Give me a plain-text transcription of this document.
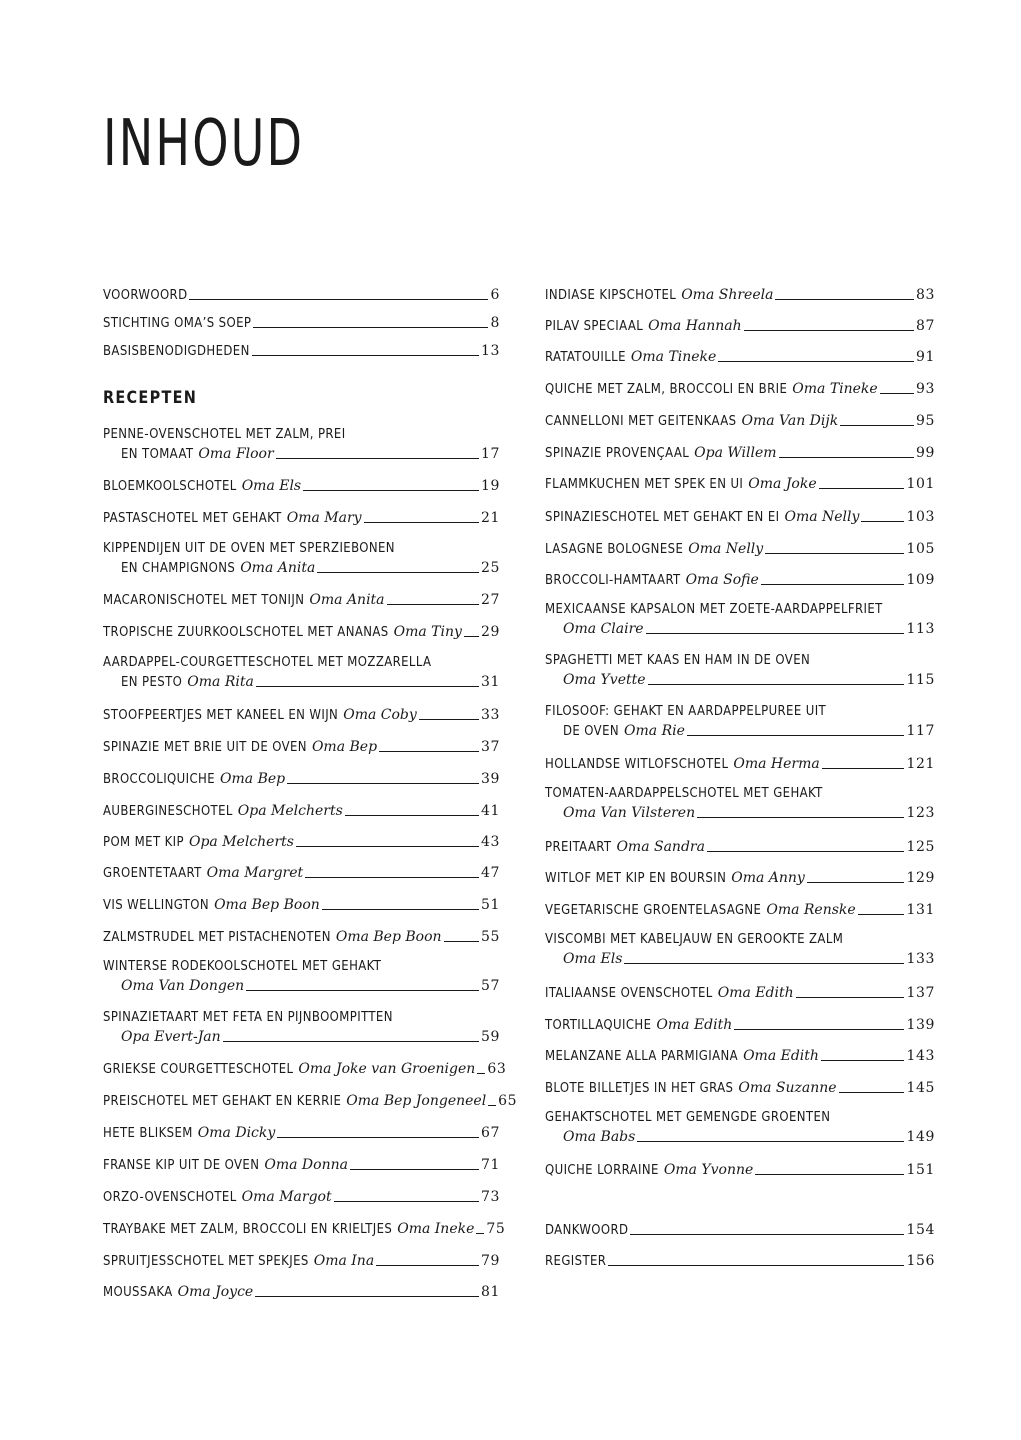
INHOUD
VOORWOORD	6
STICHTING OMA’S SOEP	8
BASISBENODIGDHEDEN	13
RECEPTEN
PENNE-OVENSCHOTEL MET ZALM, PREI
EN TOMAAT Oma Floor	17
BLOEMKOOLSCHOTEL Oma Els	19
PASTASCHOTEL MET GEHAKT Oma Mary	21
KIPPENDIJEN UIT DE OVEN MET SPERZIEBONEN
EN CHAMPIGNONS Oma Anita	25
MACARONISCHOTEL MET TONIJN Oma Anita	27
TROPISCHE ZUURKOOLSCHOTEL MET ANANAS Oma Tiny 29
AARDAPPEL-COURGETTESCHOTEL MET MOZZARELLA
EN PESTO Oma Rita	31
STOOFPEERTJES MET KANEEL EN WIJN Oma Coby	33
SPINAZIE MET BRIE UIT DE OVEN Oma Bep	37
BROCCOLIQUICHE Oma Bep	39
AUBERGINESCHOTEL Opa Melcherts	41
POM MET KIP Opa Melcherts	43
GROENTETAART Oma Margret	47
VIS WELLINGTON Oma Bep Boon	51
ZALMSTRUDEL MET PISTACHENOTEN Oma Bep Boon	55
WINTERSE RODEKOOLSCHOTEL MET GEHAKT
Oma Van Dongen	57
SPINAZIETAART MET FETA EN PIJNBOOMPITTEN
Opa Evert-Jan	59
GRIEKSE COURGETTESCHOTEL Oma Joke van Groenigen 63
PREISCHOTEL MET GEHAKT EN KERRIE Oma Bep Jongeneel 65
HETE BLIKSEM Oma Dicky	67
FRANSE KIP UIT DE OVEN Oma Donna	71
ORZO-OVENSCHOTEL Oma Margot	73
TRAYBAKE MET ZALM, BROCCOLI EN KRIELTJES Oma Ineke 75
SPRUITJESSCHOTEL MET SPEKJES Oma Ina	79
MOUSSAKA Oma Joyce	81
INDIASE KIPSCHOTEL Oma Shreela	83
PILAV SPECIAAL Oma Hannah	87
RATATOUILLE Oma Tineke	91
QUICHE MET ZALM, BROCCOLI EN BRIE Oma Tineke	93
CANNELLONI MET GEITENKAAS Oma Van Dijk	95
SPINAZIE PROVENÇAAL Opa Willem	99
FLAMMKUCHEN MET SPEK EN UI Oma Joke	101
SPINAZIESCHOTEL MET GEHAKT EN EI Oma Nelly	103
LASAGNE BOLOGNESE Oma Nelly	105
BROCCOLI-HAMTAART Oma Sofie	109
MEXICAANSE KAPSALON MET ZOETE-AARDAPPELFRIET
Oma Claire	113
SPAGHETTI MET KAAS EN HAM IN DE OVEN
Oma Yvette	115
FILOSOOF: GEHAKT EN AARDAPPELPUREE UIT
DE OVEN Oma Rie	117
HOLLANDSE WITLOFSCHOTEL Oma Herma	121
TOMATEN-AARDAPPELSCHOTEL MET GEHAKT
Oma Van Vilsteren	123
PREITAART Oma Sandra	125
WITLOF MET KIP EN BOURSIN Oma Anny	129
VEGETARISCHE GROENTELASAGNE Oma Renske	131
VISCOMBI MET KABELJAUW EN GEROOKTE ZALM
Oma Els	133
ITALIAANSE OVENSCHOTEL Oma Edith	137
TORTILLAQUICHE Oma Edith	139
MELANZANE ALLA PARMIGIANA Oma Edith	143
BLOTE BILLETJES IN HET GRAS Oma Suzanne	145
GEHAKTSCHOTEL MET GEMENGDE GROENTEN
Oma Babs	149
QUICHE LORRAINE Oma Yvonne	151
DANKWOORD	154
REGISTER	156
